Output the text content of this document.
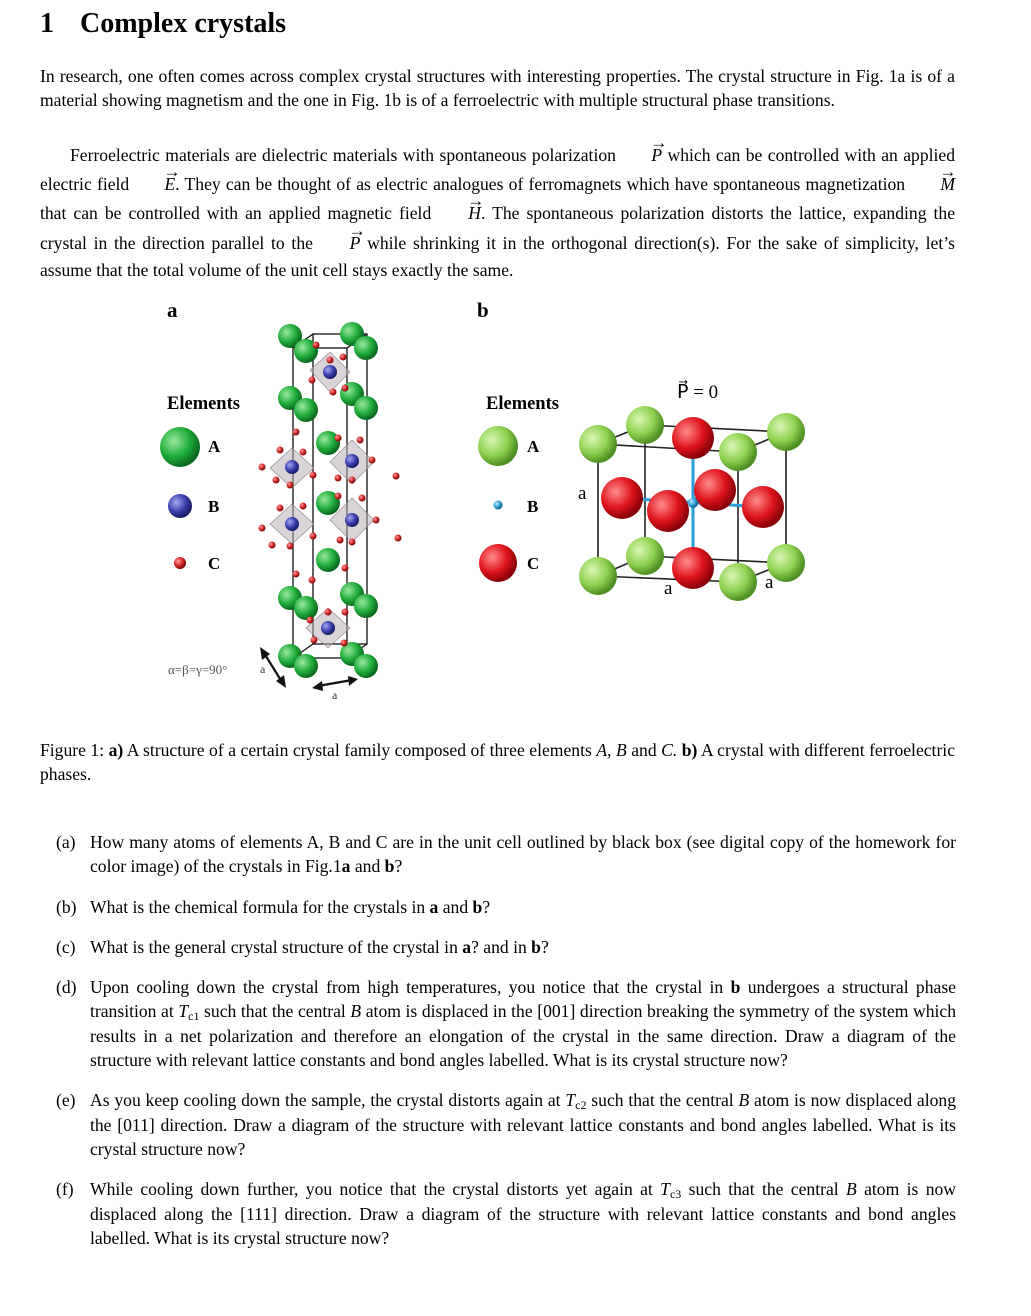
1 Complex crystals

In research, one often comes across complex crystal structures with interesting properties. The crystal structure in Fig. 1a is of a material showing magnetism and the one in Fig. 1b is of a ferroelectric with multiple structural phase transitions.

Ferroelectric materials are dielectric materials with spontaneous polarization → P which can be controlled with an applied electric field → E. They can be thought of as electric analogues of ferromagnets which have spontaneous magnetization → M that can be controlled with an applied magnetic field → H. The spontaneous polarization distorts the lattice, expanding the crystal in the direction parallel to the → P while shrinking it in the orthogonal direction(s). For the sake of simplicity, let’s assume that the total volume of the unit cell stays exactly the same.

a
Elements
A
B
C
α=β=γ=90°	a
a
b
Elements
A
B
C
P⃗ = 0
a
a	a

Figure 1: a) A structure of a certain crystal family composed of three elements A, B and C. b) A crystal with different ferroelectric phases.

(a) How many atoms of elements A, B and C are in the unit cell outlined by black box (see digital copy of the homework for color image) of the crystals in Fig.1a and b?
(b) What is the chemical formula for the crystals in a and b?
(c) What is the general crystal structure of the crystal in a? and in b?
(d) Upon cooling down the crystal from high temperatures, you notice that the crystal in b undergoes a structural phase transition at $T_{c1}$ such that the central B atom is displaced in the [001] direction breaking the symmetry of the system which results in a net polarization and therefore an elongation of the crystal in the same direction. Draw a diagram of the structure with relevant lattice constants and bond angles labelled. What is its crystal structure now?
(e) As you keep cooling down the sample, the crystal distorts again at $T_{c2}$ such that the central B atom is now displaced along the [011] direction. Draw a diagram of the structure with relevant lattice constants and bond angles labelled. What is its crystal structure now?
(f) While cooling down further, you notice that the crystal distorts yet again at $T_{c3}$ such that the central B atom is now displaced along the [111] direction. Draw a diagram of the structure with relevant lattice constants and bond angles labelled. What is its crystal structure now?
